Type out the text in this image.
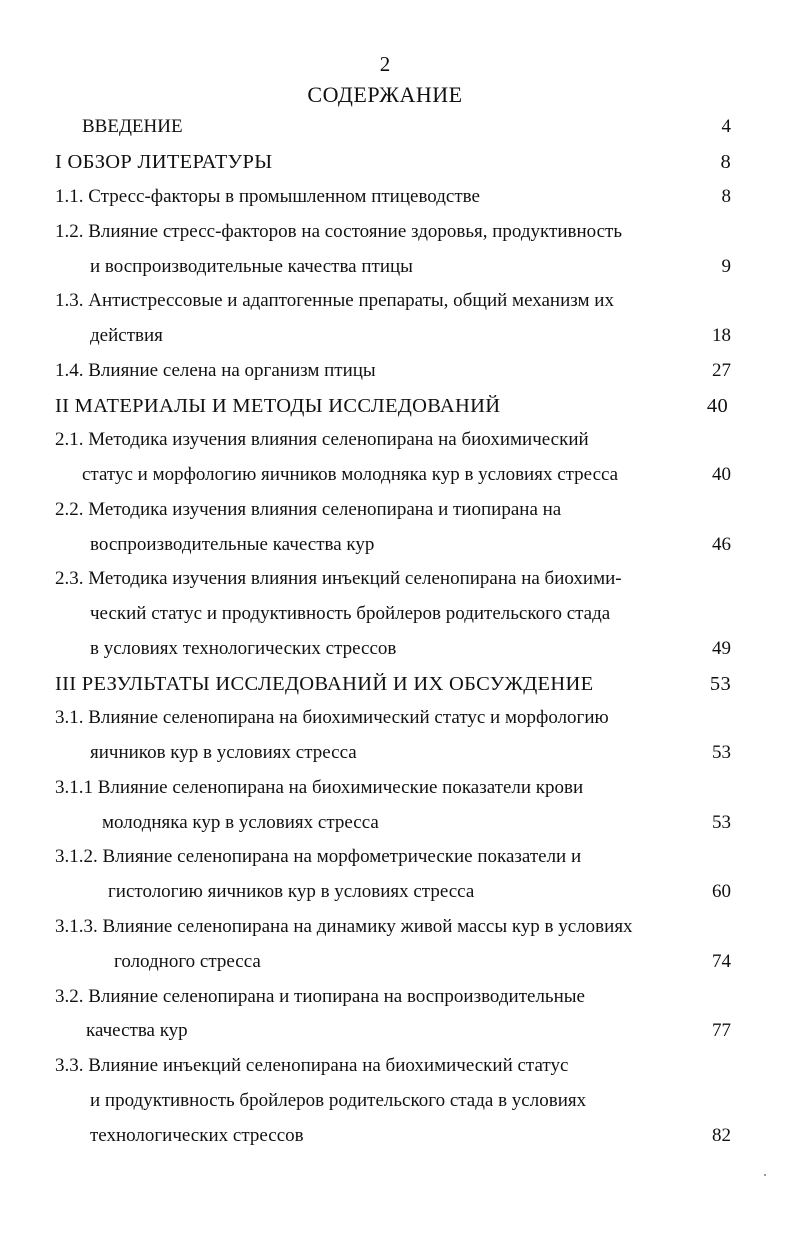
2
СОДЕРЖАНИЕ
ВВЕДЕНИЕ	4
I ОБЗОР ЛИТЕРАТУРЫ	8
1.1. Стресс-факторы в промышленном птицеводстве	8
1.2. Влияние стресс-факторов на состояние здоровья, продуктивность
и воспроизводительные качества птицы	9
1.3. Антистрессовые и адаптогенные препараты, общий механизм их
действия	18
1.4. Влияние селена на организм птицы	27
II МАТЕРИАЛЫ И МЕТОДЫ ИССЛЕДОВАНИЙ	40
2.1. Методика изучения влияния селенопирана на биохимический
статус и морфологию яичников молодняка кур в условиях стресса	40
2.2. Методика изучения влияния селенопирана и тиопирана на
воспроизводительные качества кур	46
2.3. Методика изучения влияния инъекций селенопирана на биохими-
ческий статус и продуктивность бройлеров родительского стада
в условиях технологических стрессов	49
III РЕЗУЛЬТАТЫ ИССЛЕДОВАНИЙ И ИХ ОБСУЖДЕНИЕ	53
3.1. Влияние селенопирана на биохимический статус и морфологию
яичников кур в условиях стресса	53
3.1.1 Влияние селенопирана на биохимические показатели крови
молодняка кур в условиях стресса	53
3.1.2. Влияние селенопирана на морфометрические показатели и
гистологию яичников кур в условиях стресса	60
3.1.3. Влияние селенопирана на динамику живой массы кур в условиях
голодного стресса	74
3.2. Влияние селенопирана и тиопирана на воспроизводительные
качества кур	77
3.3. Влияние инъекций селенопирана на биохимический статус
и продуктивность бройлеров родительского стада в условиях
технологических стрессов	82
